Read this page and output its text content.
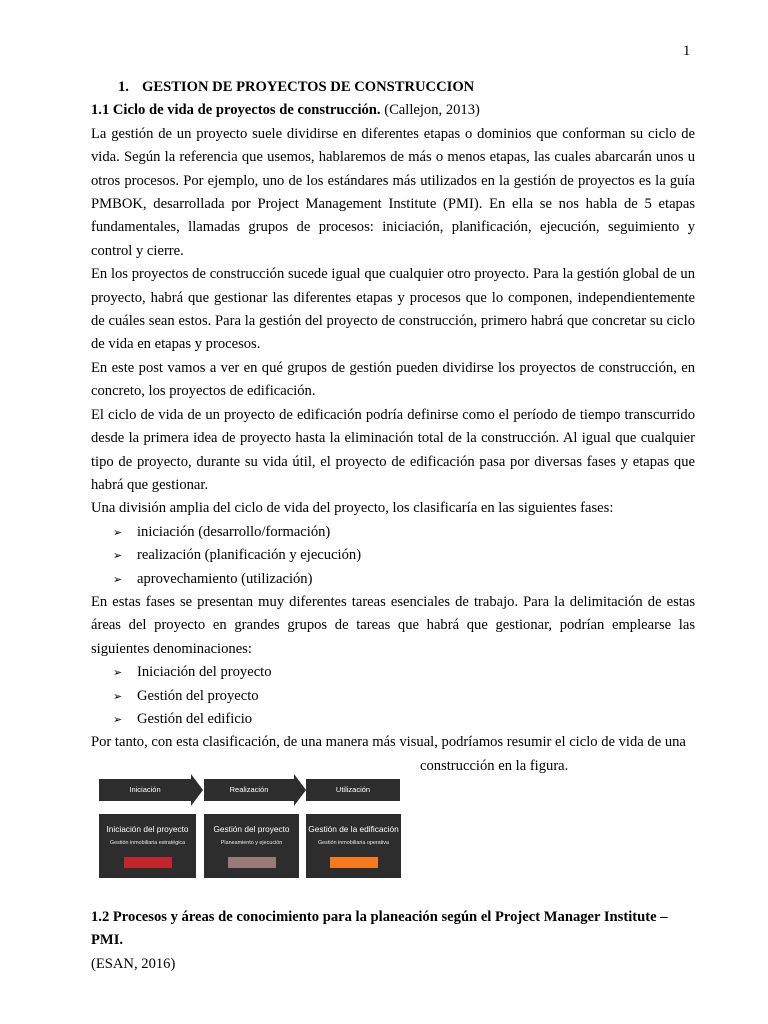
1
1. GESTION DE PROYECTOS DE CONSTRUCCION
1.1 Ciclo de vida de proyectos de construcción. (Callejon, 2013)

La gestión de un proyecto suele dividirse en diferentes etapas o dominios que conforman su ciclo de vida. Según la referencia que usemos, hablaremos de más o menos etapas, las cuales abarcarán unos u otros procesos. Por ejemplo, uno de los estándares más utilizados en la gestión de proyectos es la guía PMBOK, desarrollada por Project Management Institute (PMI). En ella se nos habla de 5 etapas fundamentales, llamadas grupos de procesos: iniciación, planificación, ejecución, seguimiento y control y cierre.

En los proyectos de construcción sucede igual que cualquier otro proyecto. Para la gestión global de un proyecto, habrá que gestionar las diferentes etapas y procesos que lo componen, independientemente de cuáles sean estos. Para la gestión del proyecto de construcción, primero habrá que concretar su ciclo de vida en etapas y procesos.

En este post vamos a ver en qué grupos de gestión pueden dividirse los proyectos de construcción, en concreto, los proyectos de edificación.

El ciclo de vida de un proyecto de edificación podría definirse como el período de tiempo transcurrido desde la primera idea de proyecto hasta la eliminación total de la construcción. Al igual que cualquier tipo de proyecto, durante su vida útil, el proyecto de edificación pasa por diversas fases y etapas que habrá que gestionar.

Una división amplia del ciclo de vida del proyecto, los clasificaría en las siguientes fases:

➢ iniciación (desarrollo/formación)
➢ realización (planificación y ejecución)
➢ aprovechamiento (utilización)

En estas fases se presentan muy diferentes tareas esenciales de trabajo. Para la delimitación de estas áreas del proyecto en grandes grupos de tareas que habrá que gestionar, podrían emplearse las siguientes denominaciones:

➢ Iniciación del proyecto
➢ Gestión del proyecto
➢ Gestión del edificio

Por tanto, con esta clasificación, de una manera más visual, podríamos resumir el ciclo de vida de una

construcción en la figura.
Iniciación	Realización	Utilización
Iniciación del proyecto
Gestión inmobiliaria estratégica
Gestión del proyecto
Planeamiento y ejecución
Gestión de la edificación
Gestión inmobiliaria operativa
1.2 Procesos y áreas de conocimiento para la planeación según el Project Manager Institute – PMI.
(ESAN, 2016)
